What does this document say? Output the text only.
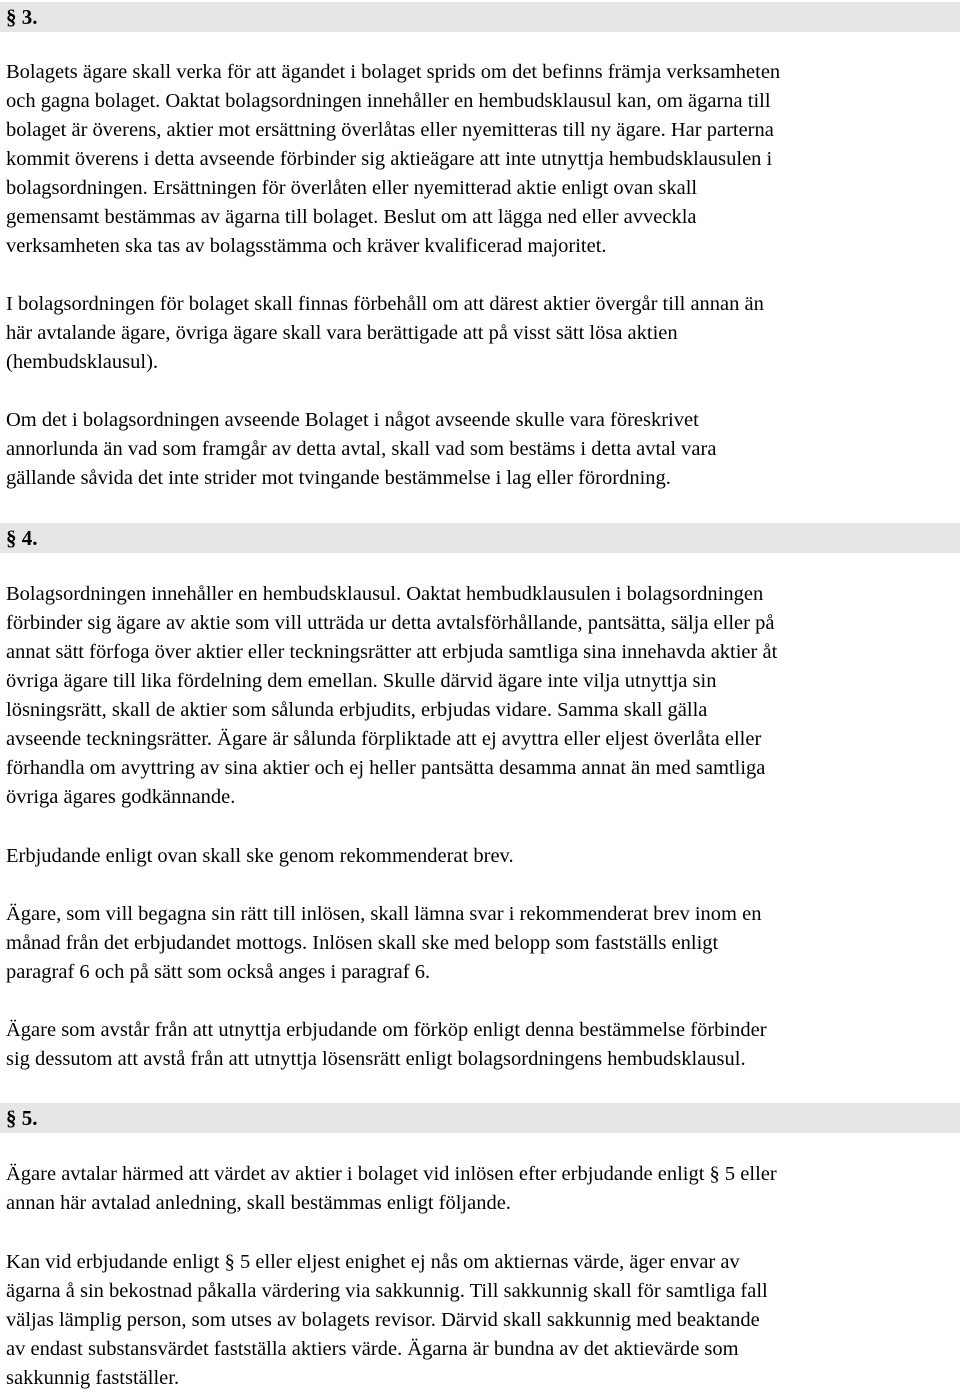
§ 3.

Bolagets ägare skall verka för att ägandet i bolaget sprids om det befinns främja verksamheten
och gagna bolaget. Oaktat bolagsordningen innehåller en hembudsklausul kan, om ägarna till
bolaget är överens, aktier mot ersättning överlåtas eller nyemitteras till ny ägare. Har parterna
kommit överens i detta avseende förbinder sig aktieägare att inte utnyttja hembudsklausulen i
bolagsordningen. Ersättningen för överlåten eller nyemitterad aktie enligt ovan skall
gemensamt bestämmas av ägarna till bolaget. Beslut om att lägga ned eller avveckla
verksamheten ska tas av bolagsstämma och kräver kvalificerad majoritet.

I bolagsordningen för bolaget skall finnas förbehåll om att därest aktier övergår till annan än
här avtalande ägare, övriga ägare skall vara berättigade att på visst sätt lösa aktien
(hembudsklausul).

Om det i bolagsordningen avseende Bolaget i något avseende skulle vara föreskrivet
annorlunda än vad som framgår av detta avtal, skall vad som bestäms i detta avtal vara
gällande såvida det inte strider mot tvingande bestämmelse i lag eller förordning.

§ 4.

Bolagsordningen innehåller en hembudsklausul. Oaktat hembudklausulen i bolagsordningen
förbinder sig ägare av aktie som vill utträda ur detta avtalsförhållande, pantsätta, sälja eller på
annat sätt förfoga över aktier eller teckningsrätter att erbjuda samtliga sina innehavda aktier åt
övriga ägare till lika fördelning dem emellan. Skulle därvid ägare inte vilja utnyttja sin
lösningsrätt, skall de aktier som sålunda erbjudits, erbjudas vidare. Samma skall gälla
avseende teckningsrätter. Ägare är sålunda förpliktade att ej avyttra eller eljest överlåta eller
förhandla om avyttring av sina aktier och ej heller pantsätta desamma annat än med samtliga
övriga ägares godkännande.

Erbjudande enligt ovan skall ske genom rekommenderat brev.

Ägare, som vill begagna sin rätt till inlösen, skall lämna svar i rekommenderat brev inom en
månad från det erbjudandet mottogs. Inlösen skall ske med belopp som fastställs enligt
paragraf 6 och på sätt som också anges i paragraf 6.

Ägare som avstår från att utnyttja erbjudande om förköp enligt denna bestämmelse förbinder
sig dessutom att avstå från att utnyttja lösensrätt enligt bolagsordningens hembudsklausul.

§ 5.

Ägare avtalar härmed att värdet av aktier i bolaget vid inlösen efter erbjudande enligt § 5 eller
annan här avtalad anledning, skall bestämmas enligt följande.

Kan vid erbjudande enligt § 5 eller eljest enighet ej nås om aktiernas värde, äger envar av
ägarna å sin bekostnad påkalla värdering via sakkunnig. Till sakkunnig skall för samtliga fall
väljas lämplig person, som utses av bolagets revisor. Därvid skall sakkunnig med beaktande
av endast substansvärdet fastställa aktiers värde. Ägarna är bundna av det aktievärde som
sakkunnig fastställer.
